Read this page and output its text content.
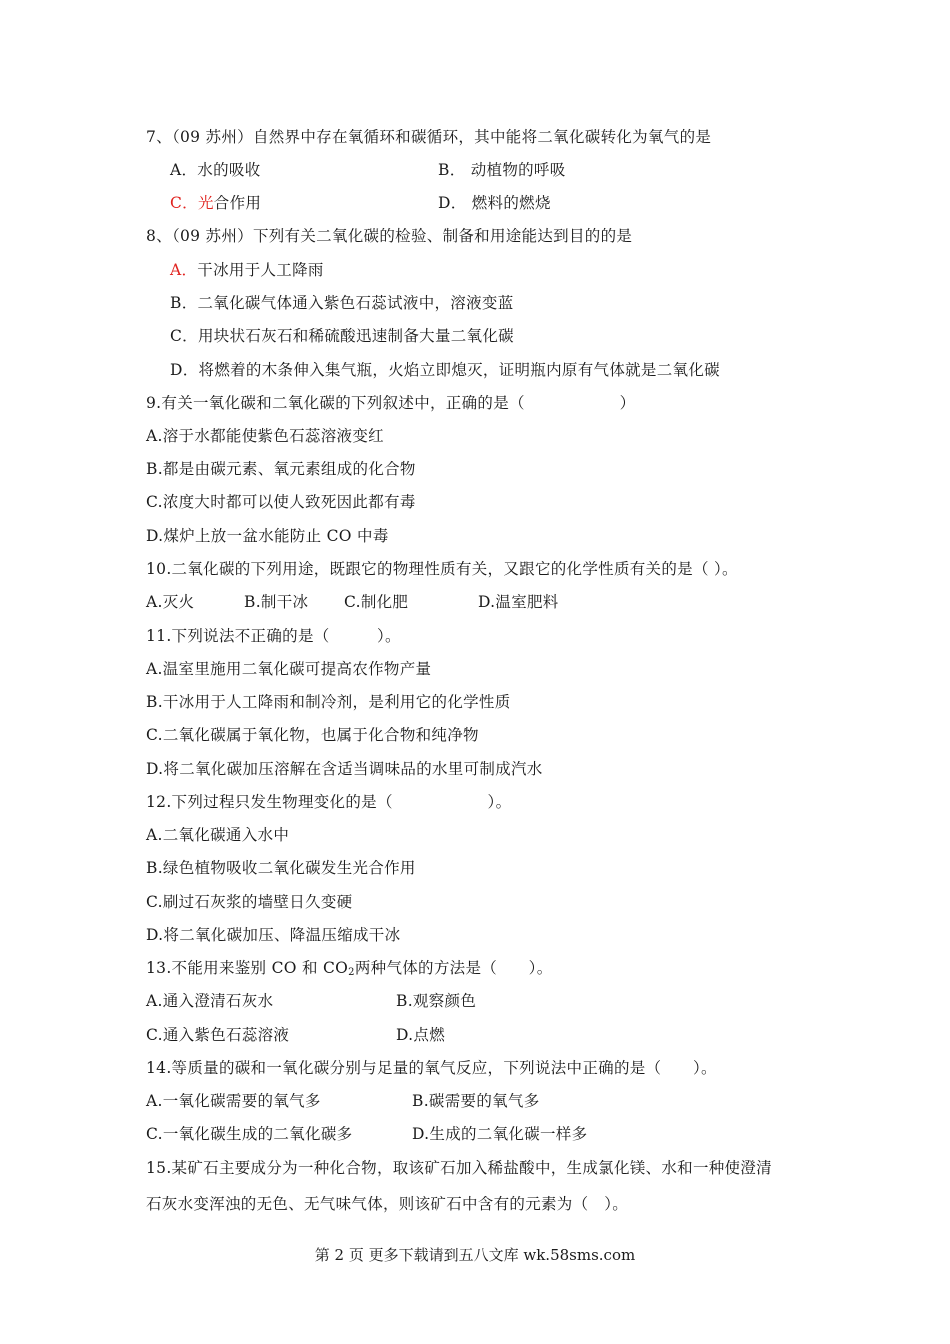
7、（09 苏州）自然界中存在氧循环和碳循环，其中能将二氧化碳转化为氧气的是
A．水的吸收	B． 动植物的呼吸
C．光合作用	D． 燃料的燃烧
8、（09 苏州）下列有关二氧化碳的检验、制备和用途能达到目的的是
A．干冰用于人工降雨
B．二氧化碳气体通入紫色石蕊试液中，溶液变蓝
C．用块状石灰石和稀硫酸迅速制备大量二氧化碳
D．将燃着的木条伸入集气瓶，火焰立即熄灭，证明瓶内原有气体就是二氧化碳
9.有关一氧化碳和二氧化碳的下列叙述中，正确的是（　　　　　　）
A.溶于水都能使紫色石蕊溶液变红
B.都是由碳元素、氧元素组成的化合物
C.浓度大时都可以使人致死因此都有毒
D.煤炉上放一盆水能防止 CO 中毒
10.二氧化碳的下列用途，既跟它的物理性质有关，又跟它的化学性质有关的是（ ）。
A.灭火	B.制干冰 C.制化肥	D.温室肥料
11.下列说法不正确的是（　　　）。
A.温室里施用二氧化碳可提高农作物产量
B.干冰用于人工降雨和制冷剂，是利用它的化学性质
C.二氧化碳属于氧化物，也属于化合物和纯净物
D.将二氧化碳加压溶解在含适当调味品的水里可制成汽水
12.下列过程只发生物理变化的是（　　　　　　）。
A.二氧化碳通入水中
B.绿色植物吸收二氧化碳发生光合作用
C.刷过石灰浆的墙壁日久变硬
D.将二氧化碳加压、降温压缩成干冰
13.不能用来鉴别 CO 和 $CO_2$两种气体的方法是（　　）。
A.通入澄清石灰水	B.观察颜色
C.通入紫色石蕊溶液	D.点燃
14.等质量的碳和一氧化碳分别与足量的氧气反应，下列说法中正确的是（　　）。
A.一氧化碳需要的氧气多	B.碳需要的氧气多
C.一氧化碳生成的二氧化碳多	D.生成的二氧化碳一样多
15.某矿石主要成分为一种化合物，取该矿石加入稀盐酸中，生成氯化镁、水和一种使澄清
石灰水变浑浊的无色、无气味气体，则该矿石中含有的元素为（　）。
第 2 页 更多下载请到五八文库 wk.58sms.com
